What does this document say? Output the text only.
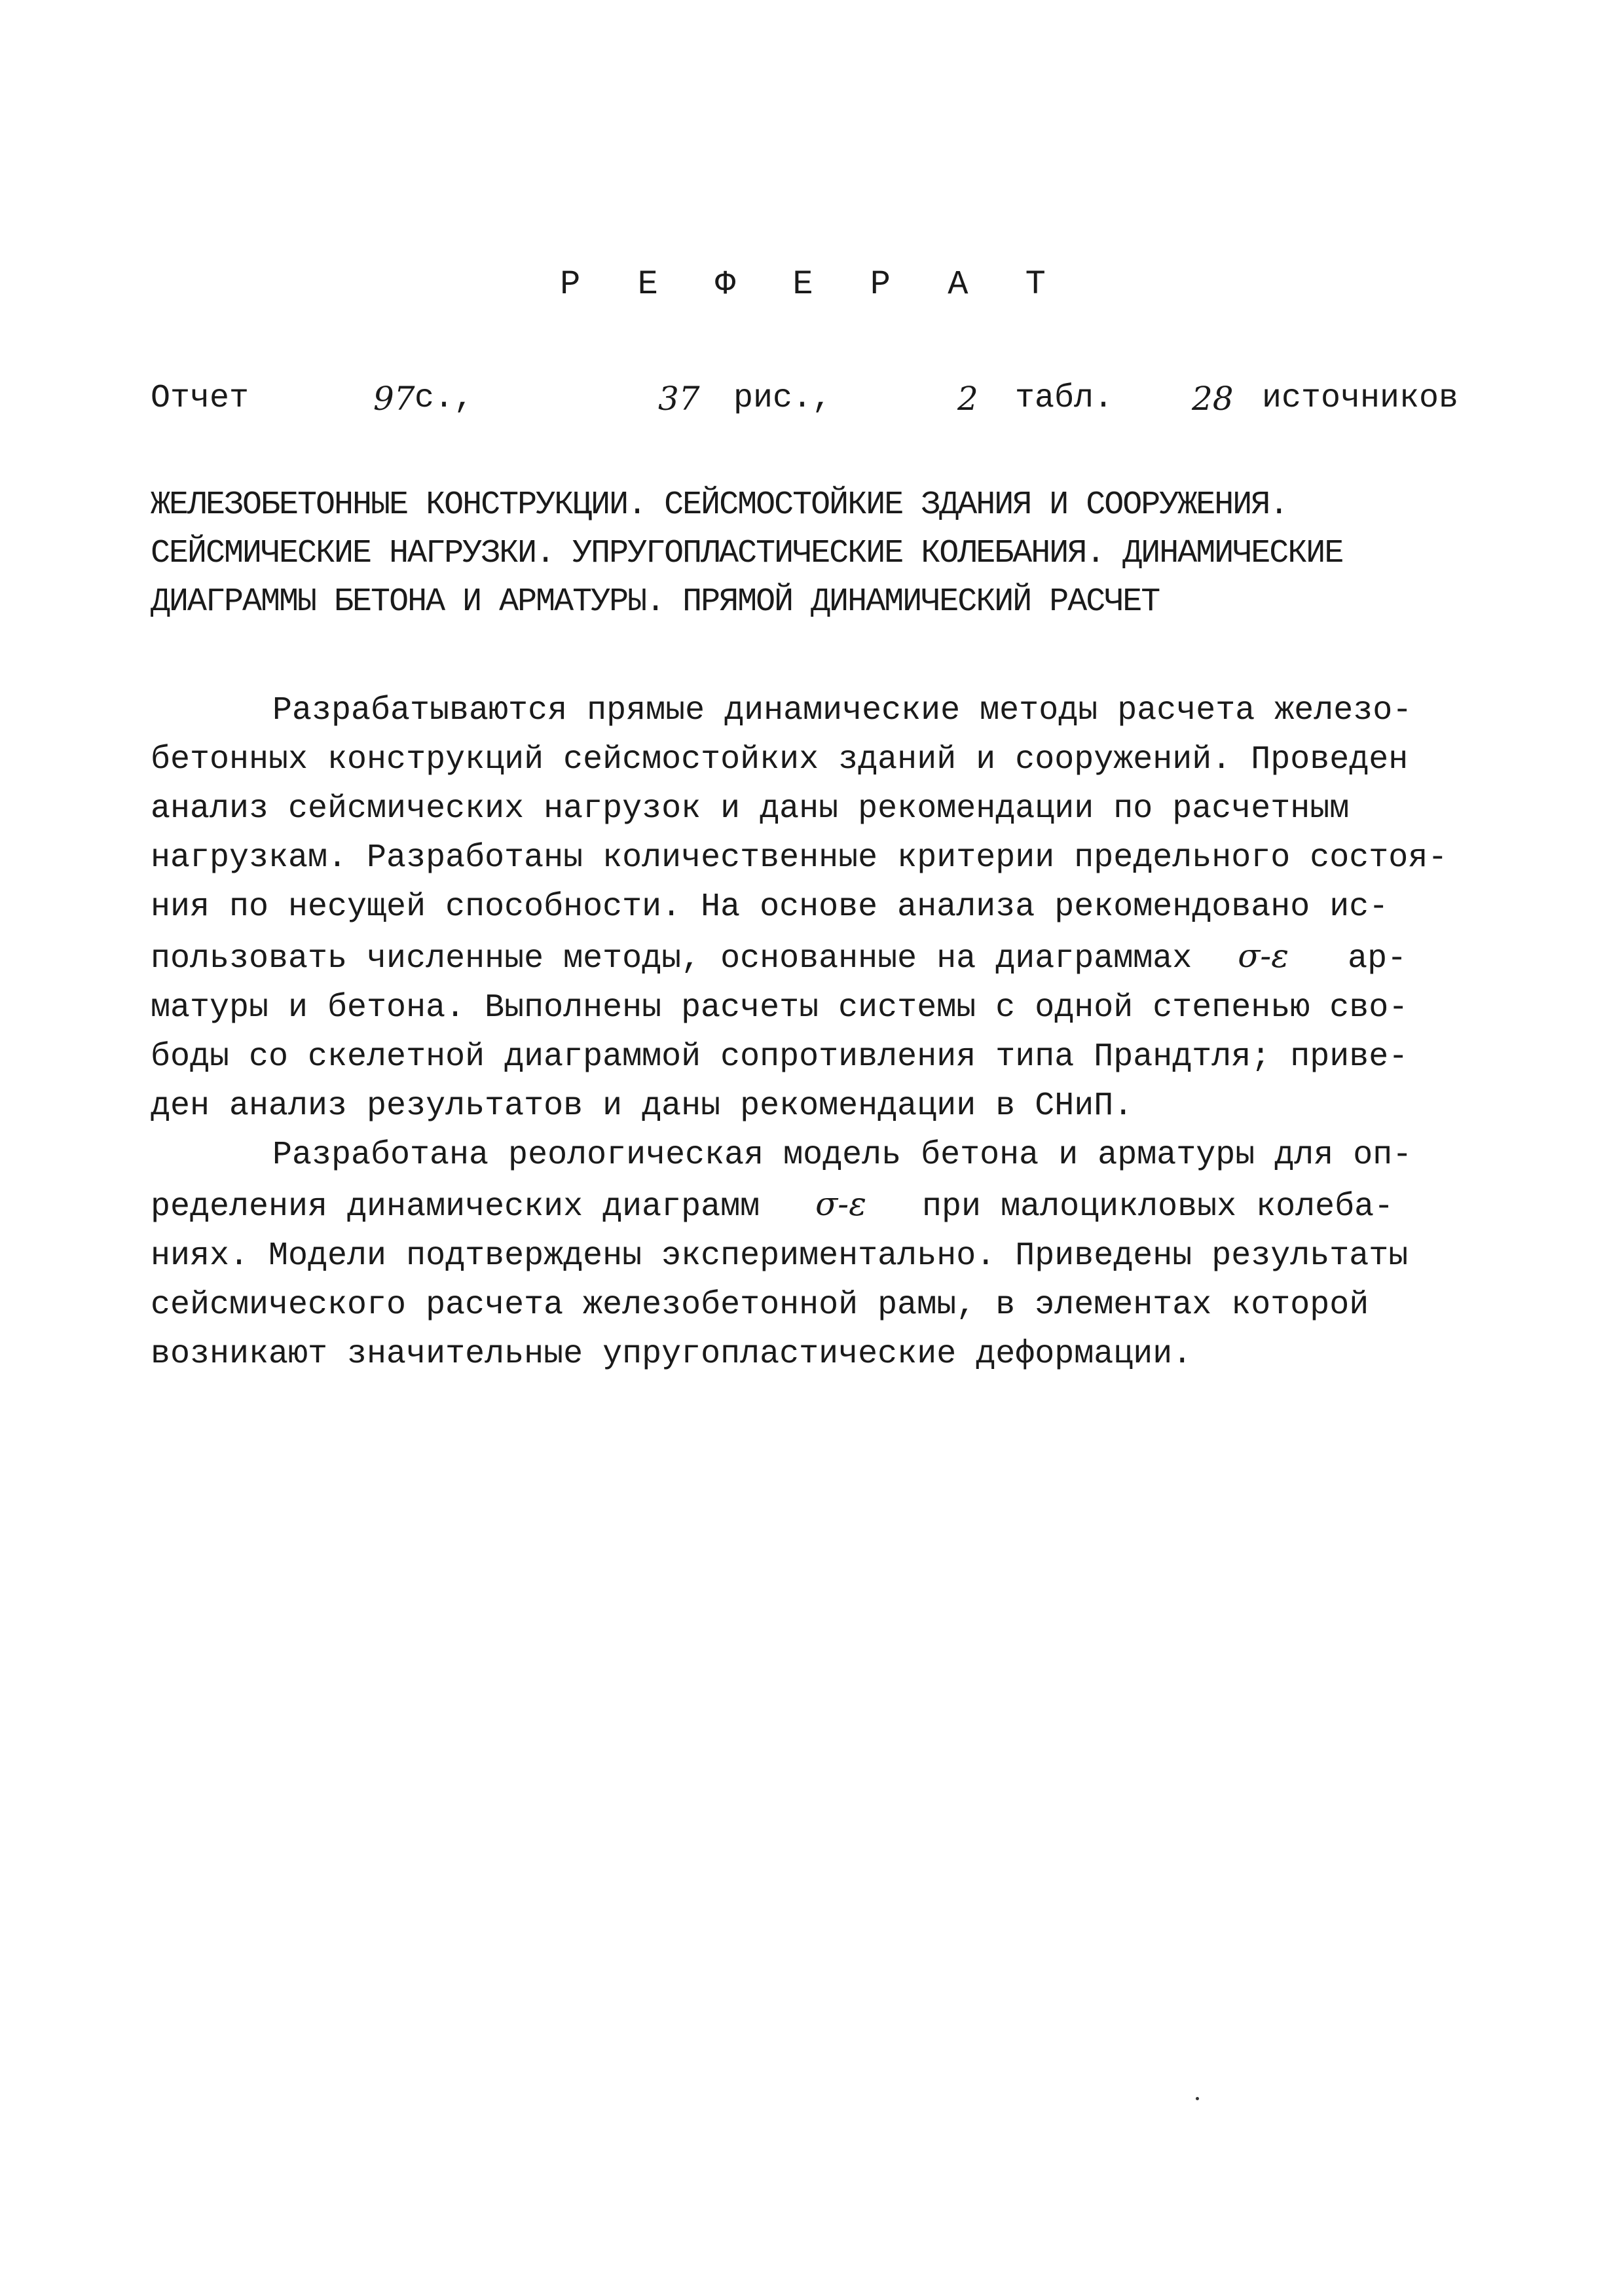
Р Е Ф Е Р А Т
Отчет	97 с.,	37 рис.,	2 табл. 28 источников
ЖЕЛЕЗОБЕТОННЫЕ КОНСТРУКЦИИ. СЕЙСМОСТОЙКИЕ ЗДАНИЯ И СООРУЖЕНИЯ.
СЕЙСМИЧЕСКИЕ НАГРУЗКИ. УПРУГОПЛАСТИЧЕСКИЕ КОЛЕБАНИЯ. ДИНАМИЧЕСКИЕ
ДИАГРАММЫ БЕТОНА И АРМАТУРЫ. ПРЯМОЙ ДИНАМИЧЕСКИЙ РАСЧЕТ
Разрабатываются прямые динамические методы расчета железо-
бетонных конструкций сейсмостойких зданий и сооружений. Проведен
анализ сейсмических нагрузок и даны рекомендации по расчетным
нагрузкам. Разработаны количественные критерии предельного состоя-
ния по несущей способности. На основе анализа рекомендовано ис-
пользовать численные методы, основанные на диаграммах σ-ε ар-
матуры и бетона. Выполнены расчеты системы с одной степенью сво-
боды со скелетной диаграммой сопротивления типа Прандтля; приве-
ден анализ результатов и даны рекомендации в СНиП.
Разработана реологическая модель бетона и арматуры для оп-
ределения динамических диаграмм σ-ε при малоцикловых колеба-
ниях. Модели подтверждены экспериментально. Приведены результаты
сейсмического расчета железобетонной рамы, в элементах которой
возникают значительные упругопластические деформации.
